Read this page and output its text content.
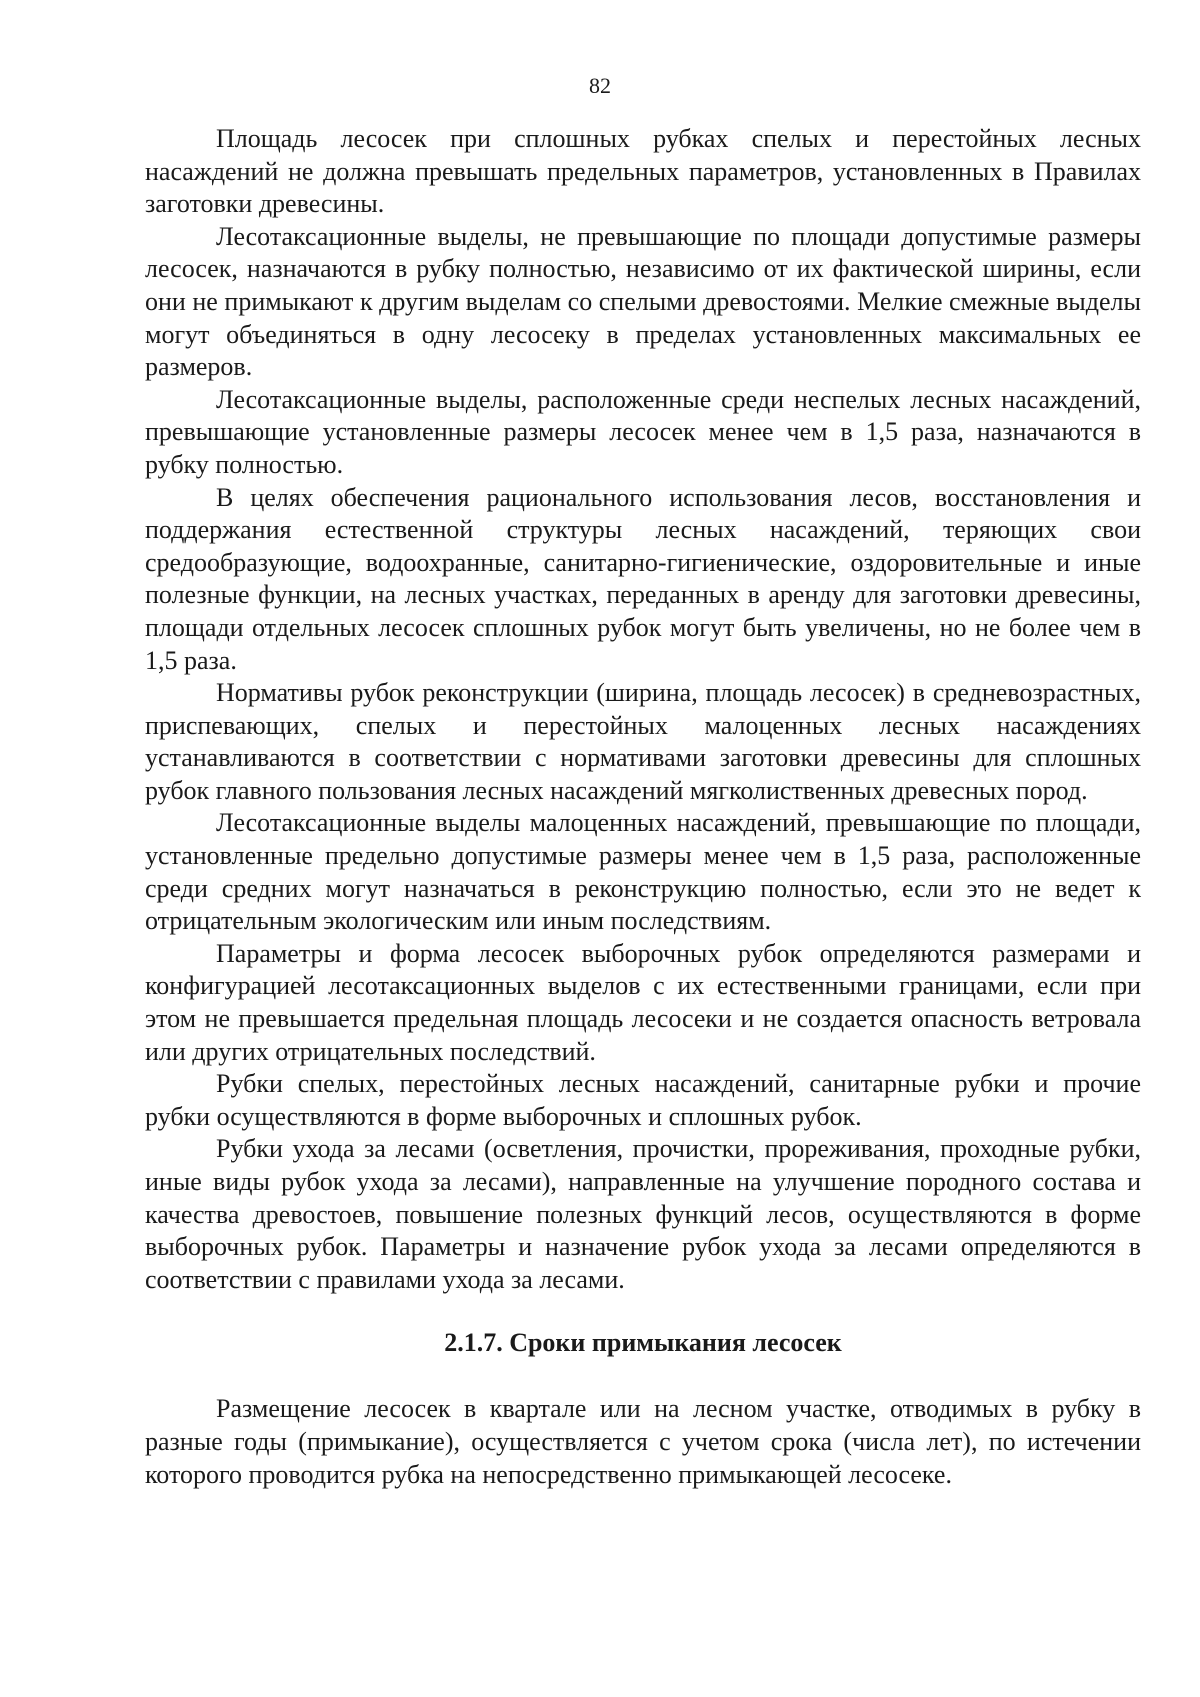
82

Площадь лесосек при сплошных рубках спелых и перестойных лесных насаждений не должна превышать предельных параметров, установленных в Правилах заготовки древесины.

Лесотаксационные выделы, не превышающие по площади допустимые размеры лесосек, назначаются в рубку полностью, независимо от их фактической ширины, если они не примыкают к другим выделам со спелыми древостоями. Мелкие смежные выделы могут объединяться в одну лесосеку в пределах установленных максимальных ее размеров.

Лесотаксационные выделы, расположенные среди неспелых лесных насаждений, превышающие установленные размеры лесосек менее чем в 1,5 раза, назначаются в рубку полностью.

В целях обеспечения рационального использования лесов, восстановления и поддержания естественной структуры лесных насаждений, теряющих свои средообразующие, водоохранные, санитарно-гигиенические, оздоровительные и иные полезные функции, на лесных участках, переданных в аренду для заготовки древесины, площади отдельных лесосек сплошных рубок могут быть увеличены, но не более чем в 1,5 раза.

Нормативы рубок реконструкции (ширина, площадь лесосек) в средневозрастных, приспевающих, спелых и перестойных малоценных лесных насаждениях устанавливаются в соответствии с нормативами заготовки древесины для сплошных рубок главного пользования лесных насаждений мягколиственных древесных пород.

Лесотаксационные выделы малоценных насаждений, превышающие по площади, установленные предельно допустимые размеры менее чем в 1,5 раза, расположенные среди средних могут назначаться в реконструкцию полностью, если это не ведет к отрицательным экологическим или иным последствиям.

Параметры и форма лесосек выборочных рубок определяются размерами и конфигурацией лесотаксационных выделов с их естественными границами, если при этом не превышается предельная площадь лесосеки и не создается опасность ветровала или других отрицательных последствий.

Рубки спелых, перестойных лесных насаждений, санитарные рубки и прочие рубки осуществляются в форме выборочных и сплошных рубок.

Рубки ухода за лесами (осветления, прочистки, прореживания, проходные рубки, иные виды рубок ухода за лесами), направленные на улучшение породного состава и качества древостоев, повышение полезных функций лесов, осуществляются в форме выборочных рубок. Параметры и назначение рубок ухода за лесами определяются в соответствии с правилами ухода за лесами.

2.1.7. Сроки примыкания лесосек

Размещение лесосек в квартале или на лесном участке, отводимых в рубку в разные годы (примыкание), осуществляется с учетом срока (числа лет), по истечении которого проводится рубка на непосредственно примыкающей лесосеке.
